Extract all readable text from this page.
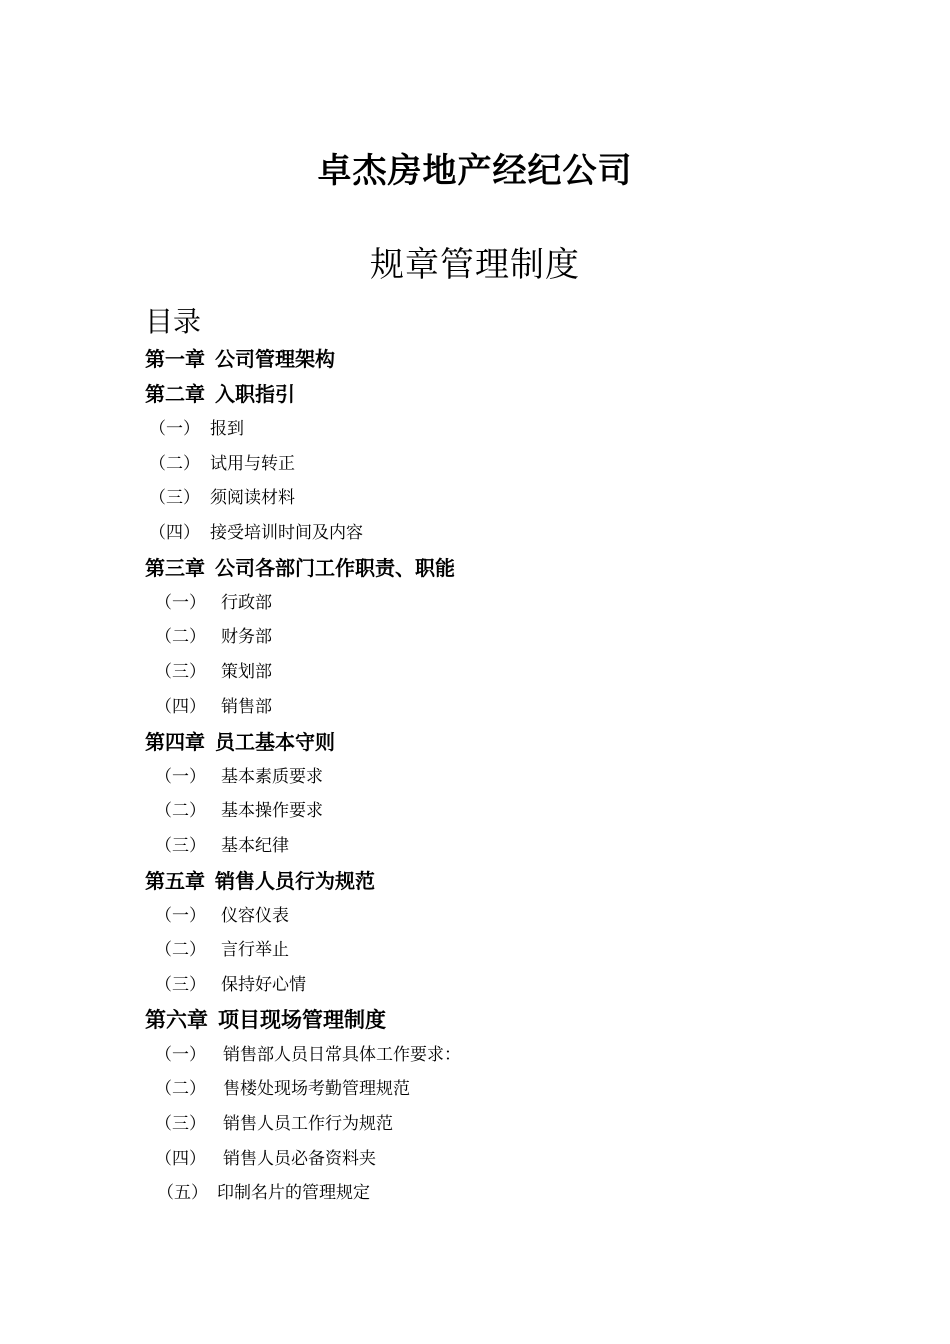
卓杰房地产经纪公司
规章管理制度
目录
第一章 公司管理架构
第二章 入职指引
（一） 报到
（二） 试用与转正
（三） 须阅读材料
（四） 接受培训时间及内容
第三章 公司各部门工作职责、职能
（一） 行政部
（二） 财务部
（三） 策划部
（四） 销售部
第四章 员工基本守则
（一） 基本素质要求
（二） 基本操作要求
（三） 基本纪律
第五章 销售人员行为规范
（一） 仪容仪表
（二） 言行举止
（三） 保持好心情
第六章 项目现场管理制度
（一） 销售部人员日常具体工作要求：
（二） 售楼处现场考勤管理规范
（三） 销售人员工作行为规范
（四） 销售人员必备资料夹
（五） 印制名片的管理规定
